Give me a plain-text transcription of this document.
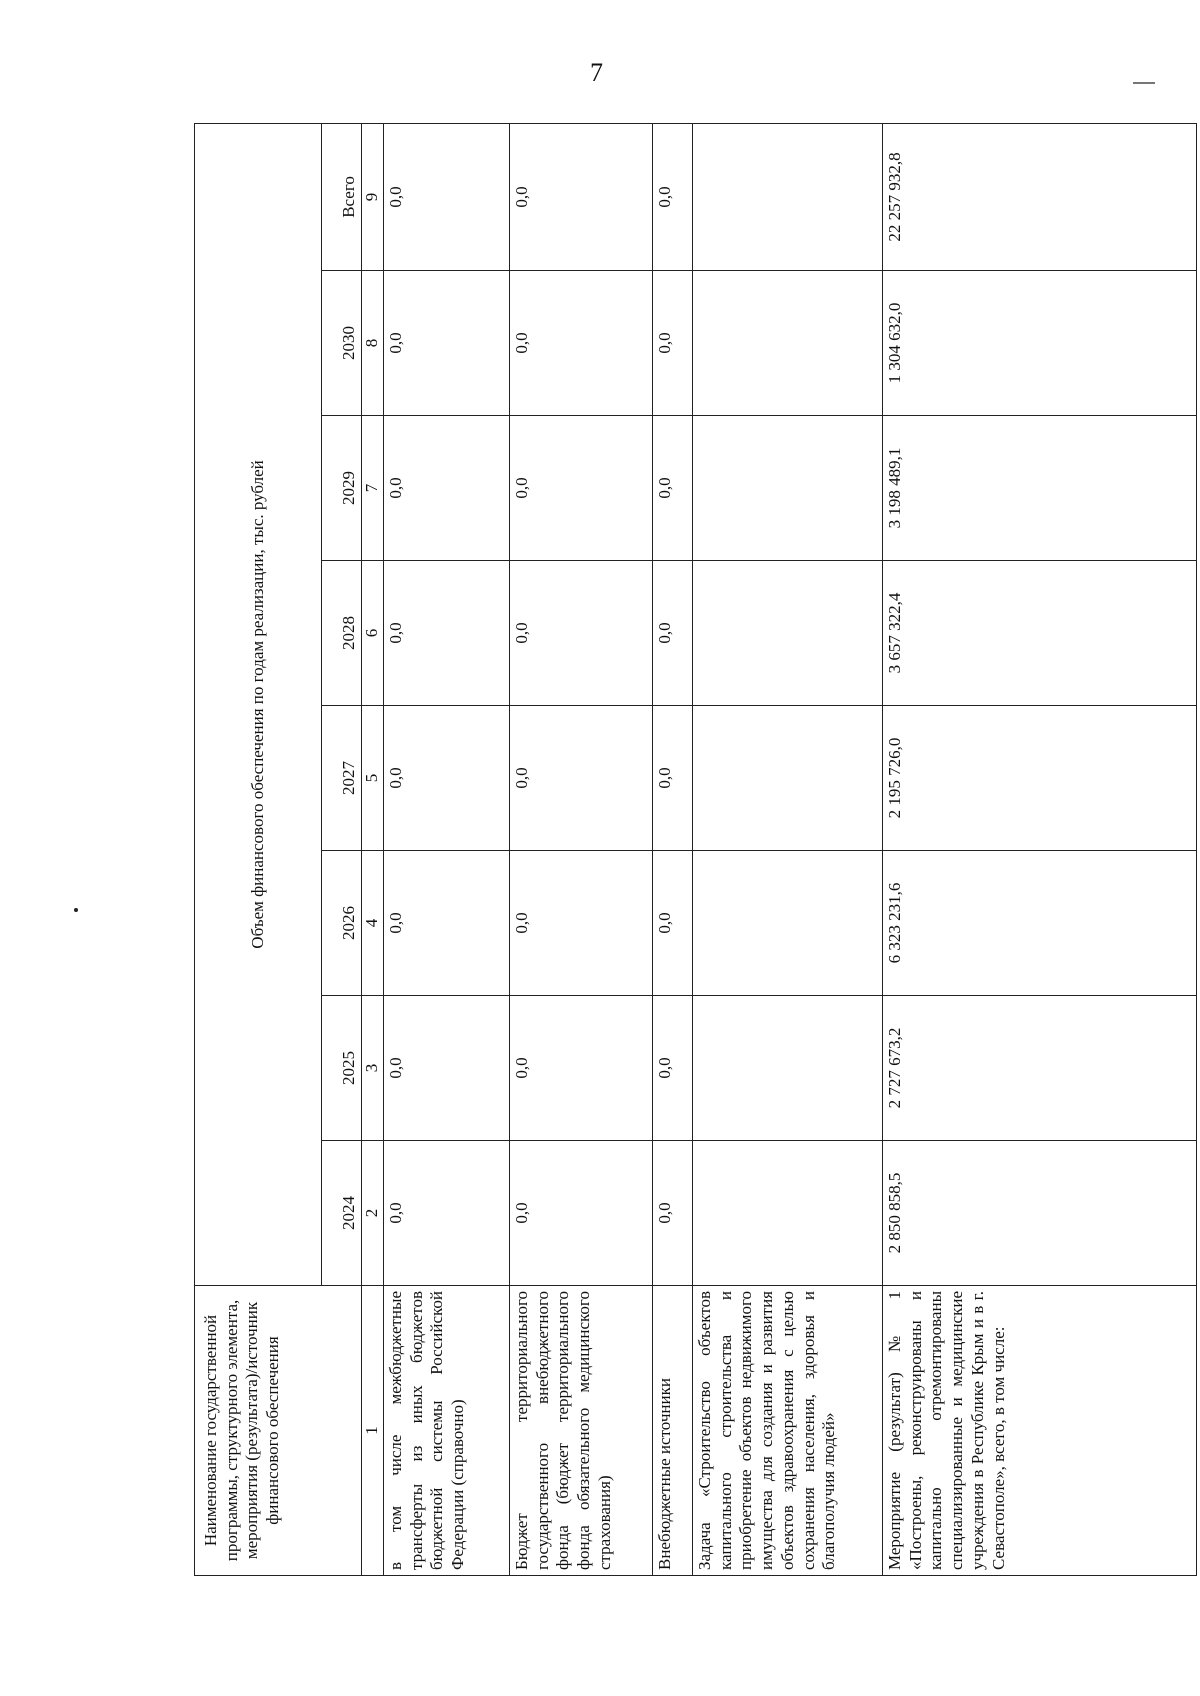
7
Наименование государственной программы, структурного элемента, мероприятия (результата)/источник финансового обеспечения	Объем финансового обеспечения по годам реализации, тыс. рублей							
	2024	2025	2026	2027	2028	2029	2030	Всего
1	2	3	4	5	6	7	8	9
в том числе межбюджетные трансферты из иных бюджетов бюджетной системы Российской Федерации (справочно)	0,0	0,0	0,0	0,0	0,0	0,0	0,0	0,0
Бюджет территориального государственного внебюджетного фонда (бюджет территориального фонда обязательного медицинского страхования)	0,0	0,0	0,0	0,0	0,0	0,0	0,0	0,0
Внебюджетные источники	0,0	0,0	0,0	0,0	0,0	0,0	0,0	0,0
Задача «Строительство объектов капитального строительства и приобретение объектов недвижимого имущества для создания и развития объектов здравоохранения с целью сохранения населения, здоровья и благополучия людей»								
Мероприятие (результат) № 1 «Построены, реконструированы и капитально отремонтированы специализированные и медицинские учреждения в Республике Крым и в г. Севастополе», всего, в том числе:	2 850 858,5	2 727 673,2	6 323 231,6	2 195 726,0	3 657 322,4	3 198 489,1	1 304 632,0	22 257 932,8
